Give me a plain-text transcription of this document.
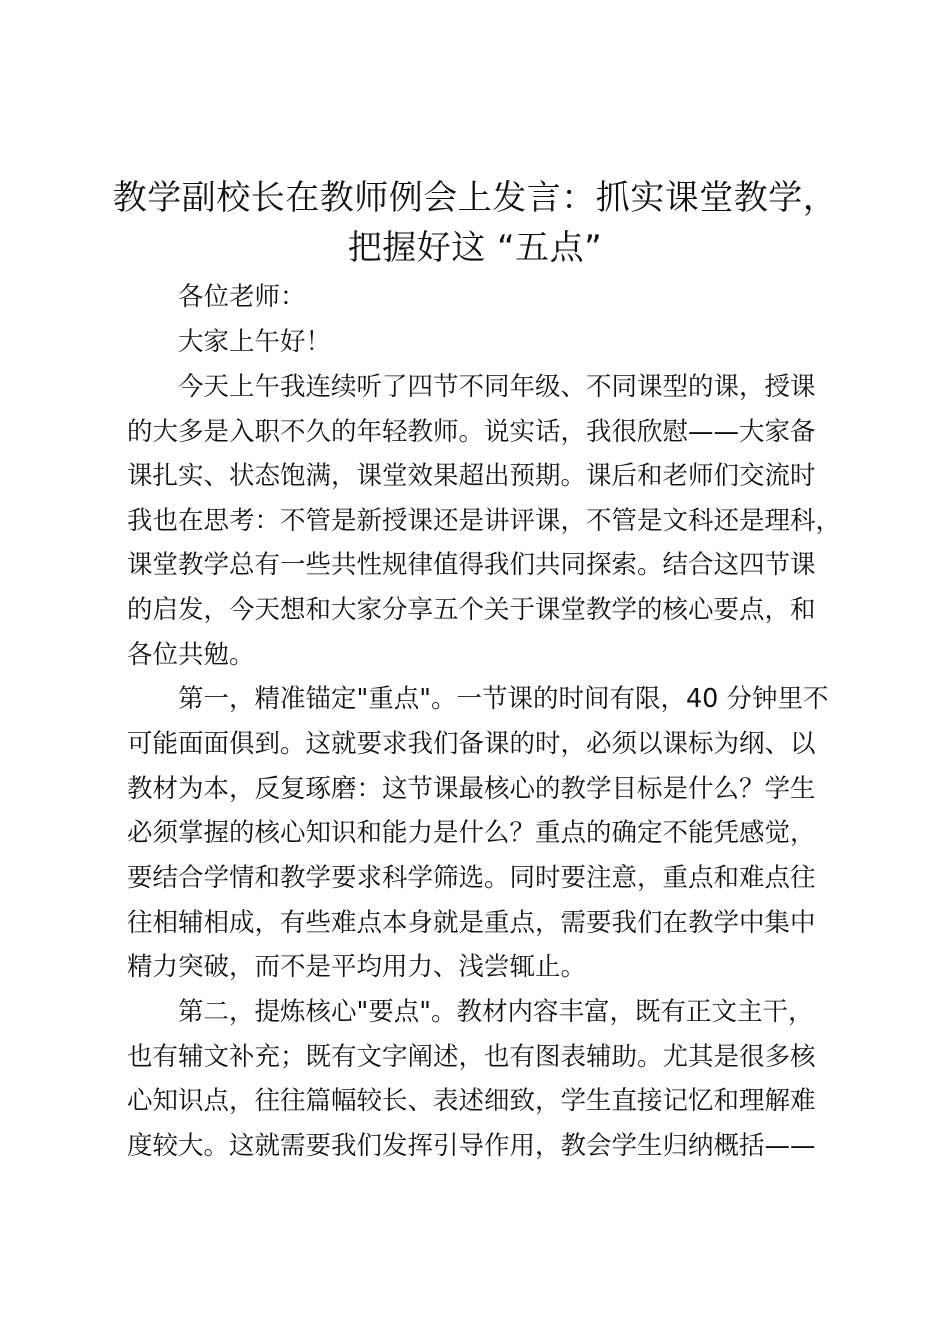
教学副校长在教师例会上发言：抓实课堂教学，
把握好这 “五点”
各位老师：
大家上午好！
今天上午我连续听了四节不同年级、不同课型的课，授课
的大多是入职不久的年轻教师。说实话，我很欣慰——大家备
课扎实、状态饱满，课堂效果超出预期。课后和老师们交流时
我也在思考：不管是新授课还是讲评课，不管是文科还是理科，
课堂教学总有一些共性规律值得我们共同探索。结合这四节课
的启发，今天想和大家分享五个关于课堂教学的核心要点，和
各位共勉。
第一，精准锚定"重点"。一节课的时间有限，40 分钟里不
可能面面俱到。这就要求我们备课的时，必须以课标为纲、以
教材为本，反复琢磨：这节课最核心的教学目标是什么？学生
必须掌握的核心知识和能力是什么？重点的确定不能凭感觉，
要结合学情和教学要求科学筛选。同时要注意，重点和难点往
往相辅相成，有些难点本身就是重点，需要我们在教学中集中
精力突破，而不是平均用力、浅尝辄止。
第二，提炼核心"要点"。教材内容丰富，既有正文主干，
也有辅文补充；既有文字阐述，也有图表辅助。尤其是很多核
心知识点，往往篇幅较长、表述细致，学生直接记忆和理解难
度较大。这就需要我们发挥引导作用，教会学生归纳概括——
